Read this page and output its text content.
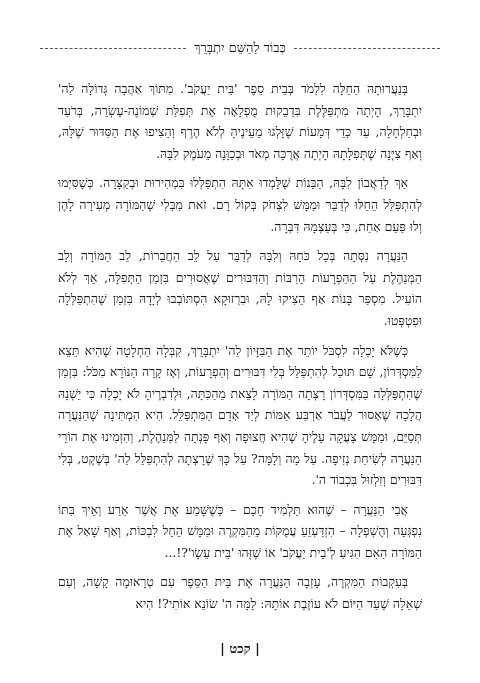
כְּבוֹד לַהַשֵּׁם יִתְבָּרֵךְ

בְּנַעֲרוּתָהּ הַחֵלָּה לִלְמֹד בְּבֵית סֵפֶר 'בֵּית יַעֲקֹב'. מִתּוֹךְ אַהֲבָה גְּדוֹלָה לַה' יִתְבָּרֵךְ, הָיְתָה מִתְפַּלֶּלֶת בִּדְבֵקוּת מֻפְלָאָה אֶת תְּפִלַּת שְׁמוֹנֶה-עֶשְׂרֵה, בְּרֹעַד וּבְחַלְחָלָה, עַד כְּדֵי דְּמָעוֹת שֶׁזָּלְגוּ מֵעֵינֶיהָ לְלֹא הֶרֶף וְהֵצִיפוּ אֶת הַסִּדּוּר שֶׁלָּהּ, וְאַף צִיְּנָה שֶׁתְּפִלָּתָהּ הָיְתָה אֲרֻכָּה מְאֹד וּבְכַוָּנָה מֵעֹמֶק לִבָּהּ.

אַךְ לְדַאֲבוֹן לִבָּהּ, הַבָּנוֹת שֶׁלָּמְדוּ אִתָּהּ הִתְפַּלְּלוּ בִּמְהִירוּת וּבְקַצָּרָה. כְּשֶׁסִּיְּמוּ לְהִתְפַּלֵּל הֵחֵלּוּ לְדַבֵּר וּמַמָּשׁ לִצְחֹק בְּקוֹל רָם. זֹאת מִבְּלִי שֶׁהַמּוֹרָה מְעִירָה לָהֶן וְלוּ פַּעַם אַחַת, כִּי בְּעַצְמָהּ דִּבְּרָה.

הַנַּעֲרָה נִסְּתָה בְּכָל כֹּחָהּ וְלִבָּהּ לְדַבֵּר עַל לֵב הַחֲבֵרוֹת, לֵב הַמּוֹרָה וְלֵב הַמְּנַהֶלֶת עַל הַהַפְרָעוֹת הָרַבּוֹת וְהַדִּבּוּרִים שֶׁאֲסוּרִים בִּזְמַן הַתְּפִלָּה, אַךְ לְלֹא הוֹעִיל. מִסְפַּר בָּנוֹת אַף הֵצִיקוּ לָהּ, וּבִרְזוּקָא הִסְתּוֹבְבוּ לְיָדָהּ בִּזְמַן שֶׁהִתְפַּלְּלָה וּפִטְפְּטוּ.

כְּשֶׁלֹּא יָכְלָה לִסְבֹּל יוֹתֵר אֶת הַבִּזָּיוֹן לַה' יִתְבָּרֵךְ, קִבְּלָה הַחְלָטָה שֶׁהִיא תֵּצֵא לַמִּסְדְּרוֹן, שָׁם תּוּכַל לְהִתְפַּלֵּל בְּלִי דִּבּוּרִים וְהַפְרָעוֹת, וְאָז קָרָה הַנּוֹרָא מִכֹּל: בִּזְמַן שֶׁהִתְפַּלְּלָה בַּמִּסְדְּרוֹן רָצְתָה הַמּוֹרָה לָצֵאת מֵהַכִּתָּה, וּלְדִבְרֶיהָ לֹא יָכְלָה כִּי יֵשְׁנָהּ הֲלָכָה שֶׁאָסוּר לַעֲבֹר אַרְבַּע אַמּוֹת לְיַד אָדָם הַמִּתְפַּלֵּל. הִיא הִמְתִּינָה שֶׁהַנַּעֲרָה תְּסַיֵּם, וּמַמָּשׁ צָעֲקָה עָלֶיהָ שֶׁהִיא חֲצוּפָה וְאַף פָּנְתָה לַמְּנַהֶלֶת, וְהִזְמִינוּ אֶת הוֹרֵי הַנַּעֲרָה לְשִׂיחַת נְזִיפָה. עַל מָה וְלָמָּה? עַל כָּךְ שֶׁרָצְתָה לְהִתְפַּלֵּל לַה' בְּשֶׁקֶט, בְּלִי דִּבּוּרִים וְזִלְזוּל בִּכְבוֹד ה'.

אֲבִי הַנַּעֲרָה – שֶׁהוּא תַּלְמִיד חָכָם – כְּשֶׁשָּׁמַע אֶת אֲשֶׁר אֵרַע וְאֵיךְ בִּתּוֹ נִפְגְּעָה וְהֻשְׁפְּלָה – הִזְדַּעְזֵעַ עֲמֻקּוֹת מֵהַמִּקְרֶה וּמַמָּשׁ הֵחֵל לִבְכּוֹת, וְאַף שָׁאַל אֶת הַמּוֹרָה הַאִם הִגִּיעַ לְ'בֵית יַעֲקֹב' אוֹ שֶׁזֶּהוּ 'בֵּית עֵשָׂו'?!...

בְּעִקְבוֹת הַמִּקְרֶה, עָזְבָה הַנַּעֲרָה אֶת בֵּית הַסֵּפֶר עִם טְרָאוּמָה קָשָׁה, וְעִם שְׁאֵלָה שֶׁעַד הַיּוֹם לֹא עוֹזֶבֶת אוֹתָהּ: לָמָּה ה' שׂוֹנֵא אוֹתִי?! הִיא

| קכט |
